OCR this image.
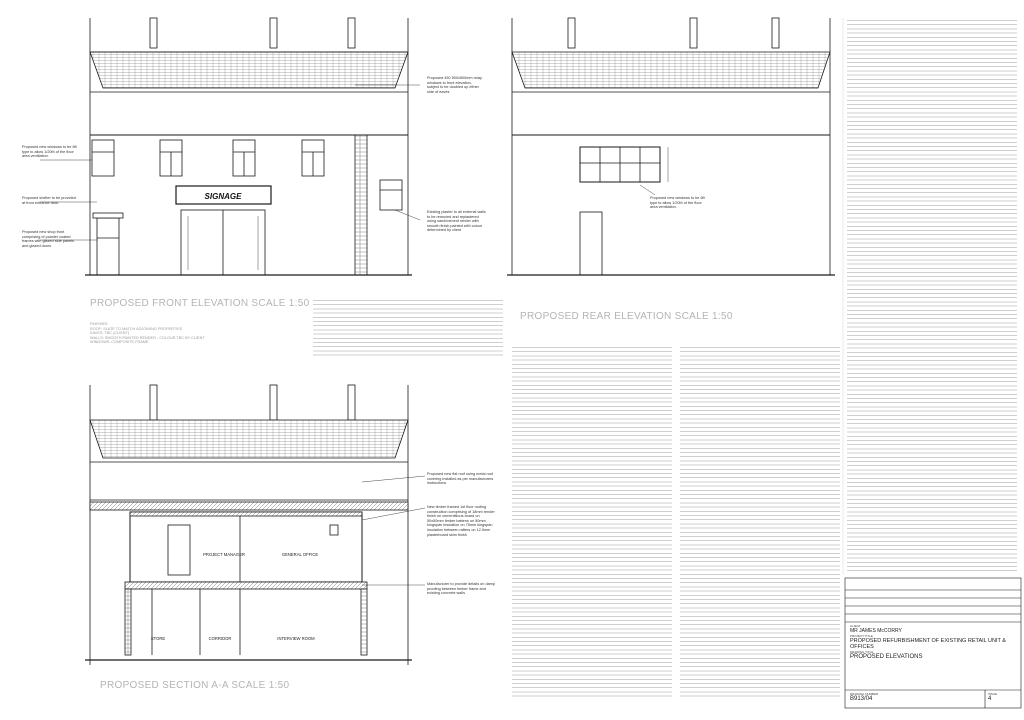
SIGNAGE
PROJECT MANAGER	GENERAL OFFICE
STORE	CORRIDOR	INTERVIEW ROOM
PROPOSED FRONT ELEVATION SCALE 1:50
PROPOSED REAR ELEVATION SCALE 1:50
PROPOSED SECTION A-A SCALE 1:50
FINISHES
ROOF: SLATE TO MATCH ADJOINING PROPERTIES
EAVES: TBC (CLIENT)
WALLS: SMOOTH PAINTED RENDER - COLOUR TBC BY CLIENT
WINDOWS: COMPOSITE FRAME
Proposed new windows to be 6ft type to allow 1/20th of the floor area ventilation.
Proposed shelter to be provided at front entrance door.
Proposed new shop front comprising of powder coated frames with glazed side panels and glazed doors
Proposed 450 500x500mm relay windows to front elevation, subject to be doubled up either side of eaves
Existing plaster to all external walls to be removed and replastered using sand/cement render with smooth finish painted with colour determined by client
Proposed new windows to be 6ft type to allow 1/20th of the floor area ventilation.
Proposed new flat roof using metal roof covering installed as per manufacturers instructions
New timber framed 1st floor roofing construction comprising of 18mm render finish on cementitious board on 50x50mm timber battens on 50mm kingspan insulation on 75mm kingspan insulation between rafters on 12.5mm plasterboard skim finish
Manufacturer to provide details on damp proofing between timber frame and existing concrete walls
CLIENT
MR JAMES McCORRY
PROJECT TITLE
PROPOSED REFURBISHMENT OF EXISTING RETAIL UNIT & OFFICES
DRAWING TITLE
PROPOSED ELEVATIONS
DRAWING NUMBER
B913/04
ISSUE
4
